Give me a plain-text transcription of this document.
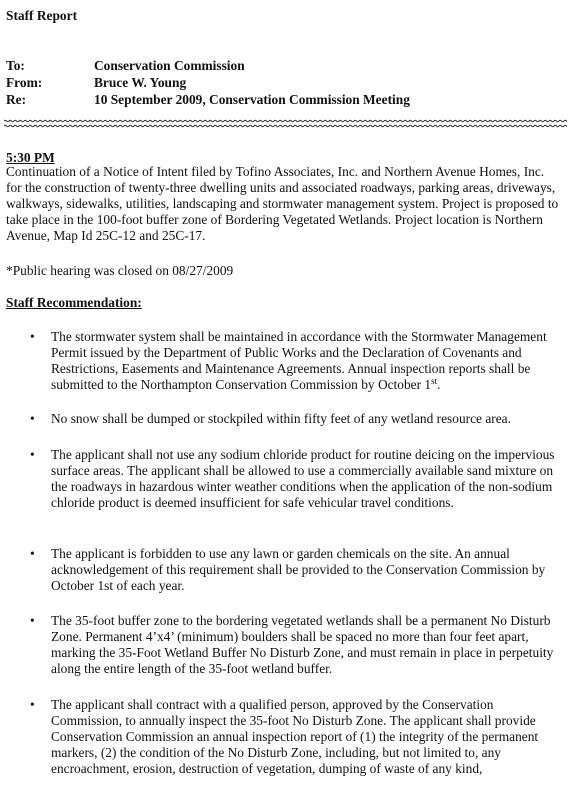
Staff Report
To:	Conservation Commission
From:	Bruce W. Young
Re:	10 September 2009, Conservation Commission Meeting
5:30 PM
Continuation of a Notice of Intent filed by Tofino Associates, Inc. and Northern Avenue Homes, Inc. for the construction of twenty-three dwelling units and associated roadways, parking areas, driveways, walkways, sidewalks, utilities, landscaping and stormwater management system. Project is proposed to take place in the 100-foot buffer zone of Bordering Vegetated Wetlands. Project location is Northern Avenue, Map Id 25C-12 and 25C-17.
*Public hearing was closed on 08/27/2009
Staff Recommendation:
• The stormwater system shall be maintained in accordance with the Stormwater Management Permit issued by the Department of Public Works and the Declaration of Covenants and Restrictions, Easements and Maintenance Agreements. Annual inspection reports shall be submitted to the Northampton Conservation Commission by October 1st.
• No snow shall be dumped or stockpiled within fifty feet of any wetland resource area.
• The applicant shall not use any sodium chloride product for routine deicing on the impervious surface areas. The applicant shall be allowed to use a commercially available sand mixture on the roadways in hazardous winter weather conditions when the application of the non-sodium chloride product is deemed insufficient for safe vehicular travel conditions.
• The applicant is forbidden to use any lawn or garden chemicals on the site. An annual acknowledgement of this requirement shall be provided to the Conservation Commission by October 1st of each year.
• The 35-foot buffer zone to the bordering vegetated wetlands shall be a permanent No Disturb Zone. Permanent 4’x4’ (minimum) boulders shall be spaced no more than four feet apart, marking the 35-Foot Wetland Buffer No Disturb Zone, and must remain in place in perpetuity along the entire length of the 35-foot wetland buffer.
• The applicant shall contract with a qualified person, approved by the Conservation Commission, to annually inspect the 35-foot No Disturb Zone. The applicant shall provide Conservation Commission an annual inspection report of (1) the integrity of the permanent markers, (2) the condition of the No Disturb Zone, including, but not limited to, any encroachment, erosion, destruction of vegetation, dumping of waste of any kind,
